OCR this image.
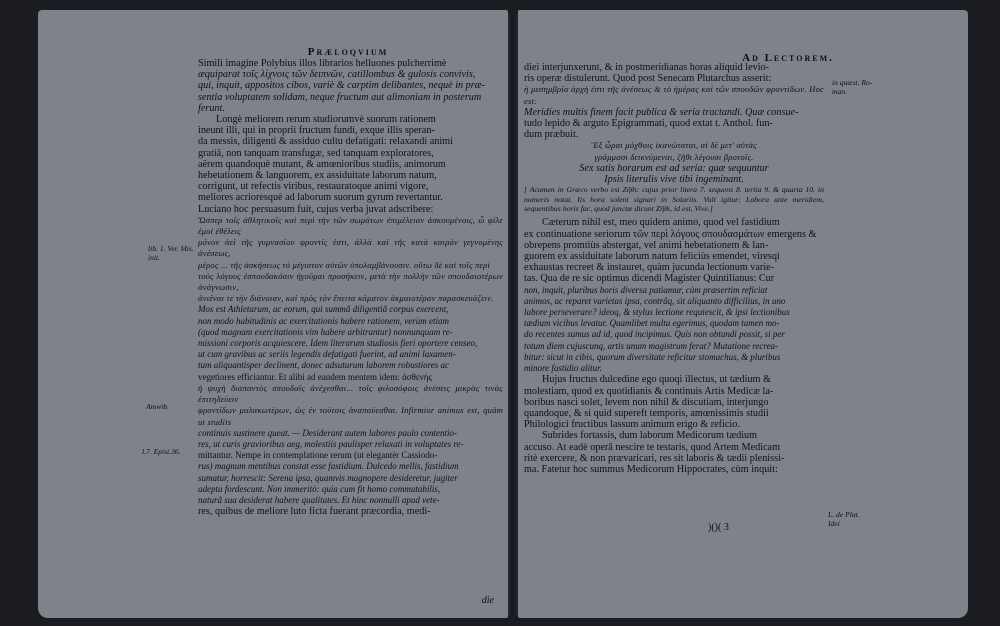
Præloqvium
lib. 1. Ver. Mis. init.
Amwib.
l.7. Epist.36.

Simili imagine Polybius illos librarios helluones pulcherrimè

æquiparat τοῖς λίχνοις τῶν δειπνῶν, catillombus & gulosis convivis,

qui, inquit, appositos cibos, variè & carptim delibantes, nequè in præ-

sentia voluptatem solidam, neque fructum aut alimoniam in posterum

ferunt.

Longè meliorem rerum studiorumvè suorum rationem

ineunt illi, qui in proprii fructum fundi, exque illis speran-

da messis, diligenti & assiduo cultu defatigati: relaxandi animi

gratiâ, non tanquam transfugæ, sed tanquam exploratores,

aërem quandoquè mutant, & amœnioribus studiis, animorum

hebetationem & languorem, ex assiduitate laborum natum,

corrigunt, ut refectis viribus, restauratoque animi vigore,

meliores acrioresquè ad laborum suorum gyrum revertantur.

Luciano hoc persuasum fuit, cujus verba juvat adscribere:

Ὥσπερ τοῖς ἀθλητικοῖς καὶ περὶ τὴν τῶν σωμάτων ἐπιμέλειαν ἀσκουμένοις, ὦ φίλε ἐμοὶ ἐθέλεις

μόνον ἀεὶ τῆς γυμνασίου φροντίς ἐστι, ἀλλὰ καὶ τῆς κατὰ καιρὸν γεγνομένης ἀνέσεως,

μέρος ... τῆς ἀσκήσεως τὸ μέγιστον αὐτῶν ὑπολαμβάνουσιν. οὕτω δὲ καὶ τοῖς περὶ

τοὺς λόγους ἐσπουδακόσιν ἡγοῦμαι προσήκειν, μετὰ τὴν πολλὴν τῶν σπουδαιοτέρων ἀνάγνωσιν,

ἀνιέναι τε τὴν διάνοιαν, καὶ πρὸς τὸν ἔπειτα κάματον ἀκμαιοτέραν παρασκευάζειν.

Mos est Athletarum, ac eorum, qui summâ diligentiâ corpus exercent,

non modo habitudinis ac exercitationis habere rationem, verùm etiam

(quod magnam exercitationis vim habere arbitrantur) nonnunquam re-

missioni corporis acquiescere. Idem literarum studiosis fieri oportere censeo,

ut cum gravibus ac seriis legendis defatigati fuerint, ad animi laxamen-

tum aliquantisper declinent, donec adsuturum laborem robustiores ac

vegetiores efficiantur. Et alibi ad eandem mentem idem: ἀσθενὴς

ἡ ψυχὴ διαπαντὸς σπουδαῖς ἀνέχεσθαι... τοῖς φιλοσόφοις ἀνέσεις μικρὰς τινὰς ἐπιτηδεύειν

φροντίδων μαλακωτέρων, ὡς ἐν τούτοις ἀναπαύεσθαι. Infirmior animus est, quàm ut studiis

continuis sustinere queat. — Desiderant autem labores paulo contentio-

res, ut curis gravioribus aeg, molestiis paulisper relaxati in voluptates re-

mittantur. Nempe in contemplatione rerum (ut elegantèr Cassiodo-

rus) magnum mentibus constat esse fastidium. Dulcedo mellis, fastidium

sumatur, horrescit: Serena ipsa, quamvis magnopere desideretur, jugiter

adepta fordescunt. Non immeritò: quia cum fit homo commutabilis,

naturâ sua desiderat habere qualitates. Et hinc nonnulli apud vete-

res, quibus de meliore luto ficta fuerant præcordia, medi-

die
Ad Lectorem.
in quæst. Ro-man.
L. de Plat. Idei

diei interjunxerunt, & in postmeridianas horas aliquid levio-

ris operæ distulerunt. Quod post Senecam Plutarchus asserit:

ἡ μεσημβρία ἀρχὴ ἐστι τῆς ἀνέσεως & τὸ ἡμέρας καὶ τῶν σπουδῶν φροντίδων. Hoc est:

Meridies multis finem facit publica & seria tractandi. Quæ consue-

tudo lepido & arguto Epigrammati, quod extat t. Anthol. fun-

dum præbuit.

Ἓξ ὧραι μόχθοις ἱκανώταται, αἱ δὲ μετ' αὐτὰς

γράμμασι δεικνύμεναι, ζῆθι λέγουσι βροτοῖς.

Sex satis horarum est ad seria: quæ sequuntur

Ipsis literulis vive tibi ingeminant.

[ Acumen in Græco verbo est Ζῆθι: cujus prior litera 7. sequens 8. tertia 9. & quarta 10. in numeris notat. Iis hora solent signari in Solariis. Vult igitur: Labora ante meridiem, sequentibus horis fac, quod junctæ dicunt Ζῆθι, id est, Vive.]

Cæterum nihil est, meo quidem animo, quod vel fastidium

ex continuatione seriorum τῶν περὶ λόγους σπουδασμάτων emergens &

obrepens promtiùs abstergat, vel animi hebetationem & lan-

guorem ex assiduitate laborum natum feliciùs emendet, viresqi

exhaustas recreet & instauret, quàm jucunda lectionum varie-

tas. Qua de re sic optimus dicendi Magister Quintilianus: Cur

non, inquit, pluribus horis diversa patiamur, cùm præsertim reficiat

animos, ac reparet varietas ipsa, contrâq, sit aliquanto difficilius, in uno

labore perseverare? ideoq, & stylus lectione requiescit, & ipsi lectionibus

tædium vicibus levatur. Quamlibet multa egerimus, quodam tamen mo-

do recentes sumus ad id, quod incipimus. Quis non obtundi possit, si per

totum diem cujuscunq, artis unum magistrum ferat? Mutatione recrea-

bitur: sicut in cibis, quorum diversitate reficitur stomachus, & pluribus

minore fastidio alitur.

Hujus fructus dulcedine ego quoqi illectus, ut tædium &

molestiam, quod ex quotidianis & continuis Artis Medicæ la-

boribus nasci solet, levem non nihil & discutiam, interjungo

quandoque, & si quid supereft temporis, amœnissimis studii

Philologici fructibus lassum animum erigo & reficio.

Subrides fortassis, dum laborum Medicorum tædium

accuso. At eadè operâ nescire te testaris, quod Artem Medicam

ritè exercere, & non prævaricari, res sit laboris & tædii plenissi-

ma. Fatetur hoc summus Medicorum Hippocrates, cùm inquit:

)()( 3
